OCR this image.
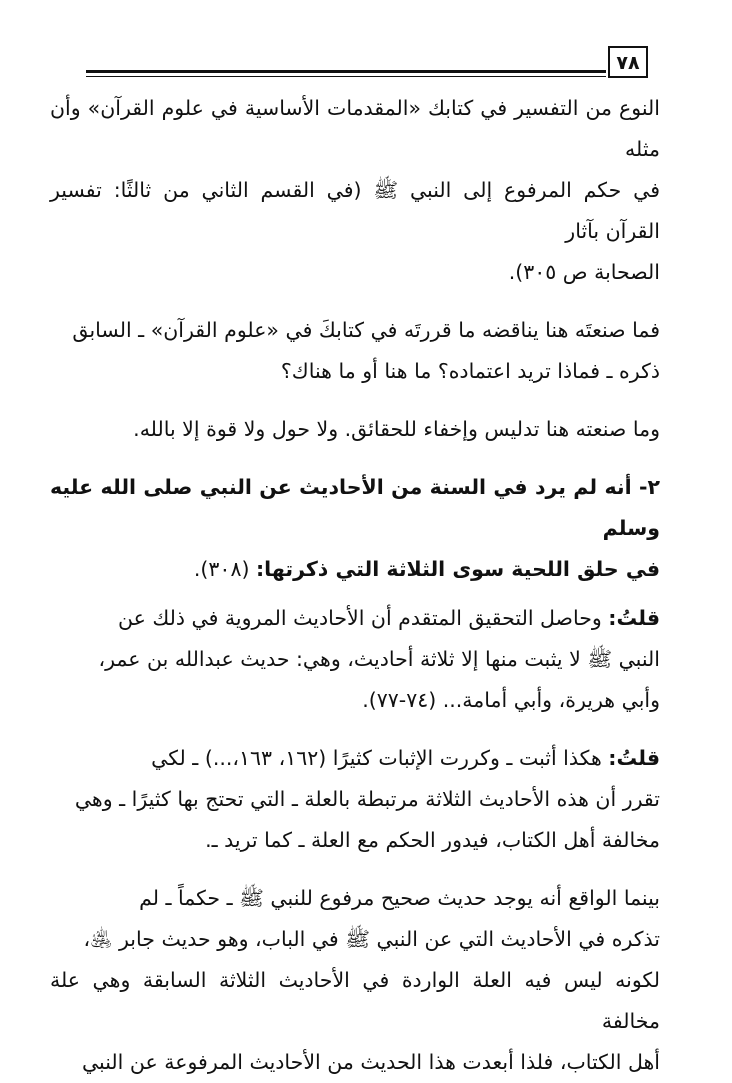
٧٨

النوع من التفسير في كتابك «المقدمات الأساسية في علوم القرآن» وأن مثله
في حكم المرفوع إلى النبي ﷺ (في القسم الثاني من ثالثًا: تفسير القرآن بآثار
الصحابة ص ٣٠٥).

فما صنعتَه هنا يناقضه ما قررتَه في كتابكَ في «علوم القرآن» ـ السابق
ذكره ـ فماذا تريد اعتماده؟ ما هنا أو ما هناك؟

وما صنعته هنا تدليس وإخفاء للحقائق. ولا حول ولا قوة إلا بالله.

٢- أنه لم يرد في السنة من الأحاديث عن النبي صلى الله عليه وسلم
في حلق اللحية سوى الثلاثة التي ذكرتها: (٣٠٨).

قلتُ: وحاصل التحقيق المتقدم أن الأحاديث المروية في ذلك عن
النبي ﷺ لا يثبت منها إلا ثلاثة أحاديث، وهي: حديث عبدالله بن عمر،
وأبي هريرة، وأبي أمامة... (٧٤-٧٧).

قلتُ: هكذا أثبت ـ وكررت الإثبات كثيرًا (١٦٢، ١٦٣،...) ـ لكي
تقرر أن هذه الأحاديث الثلاثة مرتبطة بالعلة ـ التي تحتج بها كثيرًا ـ وهي
مخالفة أهل الكتاب، فيدور الحكم مع العلة ـ كما تريد ـ.

بينما الواقع أنه يوجد حديث صحيح مرفوع للنبي ﷺ ـ حكماً ـ لم
تذكره في الأحاديث التي عن النبي ﷺ في الباب، وهو حديث جابر ﵁،
لكونه ليس فيه العلة الواردة في الأحاديث الثلاثة السابقة وهي علة مخالفة
أهل الكتاب، فلذا أبعدت هذا الحديث من الأحاديث المرفوعة عن النبي
